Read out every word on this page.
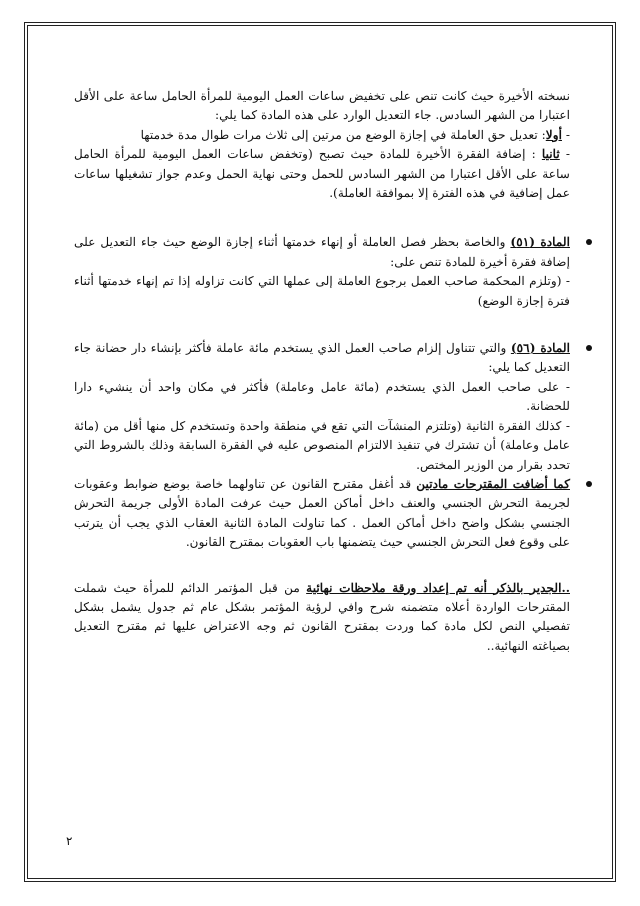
نسخته الأخيرة حيث كانت تنص على تخفيض ساعات العمل اليومية للمرأة الحامل ساعة على الأقل اعتبارا من الشهر السادس. جاء التعديل الوارد على هذه المادة كما يلي:

- أولا: تعديل حق العاملة في إجازة الوضع من مرتين إلى ثلاث مرات طوال مدة خدمتها

- ثانيا : إضافة الفقرة الأخيرة للمادة حيث تصبح (وتخفض ساعات العمل اليومية للمرأة الحامل ساعة على الأقل اعتبارا من الشهر السادس للحمل وحتى نهاية الحمل وعدم جواز تشغيلها ساعات عمل إضافية في هذه الفترة إلا بموافقة العاملة).

المادة (٥١) والخاصة بحظر فصل العاملة أو إنهاء خدمتها أثناء إجازة الوضع حيث جاء التعديل على إضافة فقرة أخيرة للمادة تنص على:

- (وتلزم المحكمة صاحب العمل برجوع العاملة إلى عملها التي كانت تزاوله إذا تم إنهاء خدمتها أثناء فترة إجازة الوضع)

المادة (٥٦) والتي تتناول إلزام صاحب العمل الذي يستخدم مائة عاملة فأكثر بإنشاء دار حضانة جاء التعديل كما يلي:

- على صاحب العمل الذي يستخدم (مائة عامل وعاملة) فأكثر في مكان واحد أن ينشيء دارا للحضانة.

- كذلك الفقرة الثانية (وتلتزم المنشآت التي تقع في منطقة واحدة وتستخدم كل منها أقل من (مائة عامل وعاملة) أن تشترك في تنفيذ الالتزام المنصوص عليه في الفقرة السابقة وذلك بالشروط التي تحدد بقرار من الوزير المختص.

كما أضافت المقترحات مادتين قد أغفل مقترح القانون عن تناولهما خاصة بوضع ضوابط وعقوبات لجريمة التحرش الجنسي والعنف داخل أماكن العمل حيث عرفت المادة الأولى جريمة التحرش الجنسي بشكل واضح داخل أماكن العمل . كما تناولت المادة الثانية العقاب الذي يجب أن يترتب على وقوع فعل التحرش الجنسي حيث يتضمنها باب العقوبات بمقترح القانون.

..الجدير بالذكر أنه تم إعداد ورقة ملاحظات نهائية من قبل المؤتمر الدائم للمرأة حيث شملت المقترحات الواردة أعلاه متضمنه شرح وافي لرؤية المؤتمر بشكل عام ثم جدول يشمل بشكل تفصيلي النص لكل مادة كما وردت بمقترح القانون ثم وجه الاعتراض عليها ثم مقترح التعديل بصياغته النهائية..

٢
